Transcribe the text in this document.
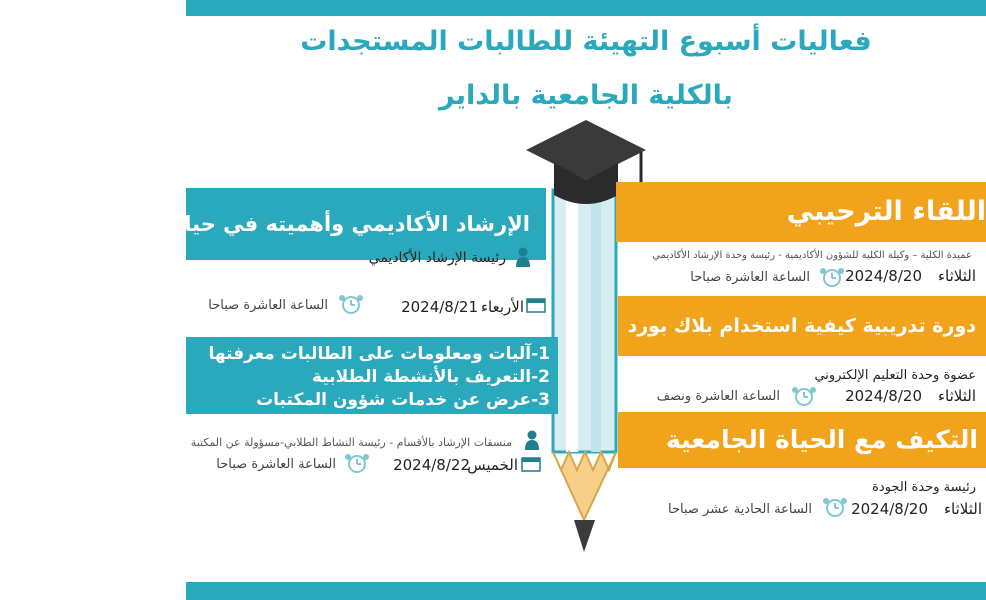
فعاليات أسبوع التهيئة للطالبات المستجدات
بالكلية الجامعية بالداير
الإرشاد الأكاديمي وأهميته في حياة الطالبة الجامعية
رئيسة الإرشاد الأكاديمي
الأربعاء
2024/8/21
الساعة العاشرة صباحا
1-آليات ومعلومات على الطالبات معرفتها
2-التعريف بالأنشطة الطلابية
3-عرض عن خدمات شؤون المكتبات
منسقات الإرشاد بالأقسام - رئيسة النشاط الطلابي-مسؤولة عن المكتبة
الخميس
2024/8/22
الساعة العاشرة صباحا
اللقاء الترحيبي
عميدة الكلية – وكيلة الكلية للشؤون الأكاديمية - رئيسة وحدة الإرشاد الأكاديمي
الثلاثاء
2024/8/20
الساعة العاشرة صباحا
دورة تدريبية كيفية استخدام بلاك بورد
عضوة وحدة التعليم الإلكتروني
الثلاثاء
2024/8/20
الساعة العاشرة ونصف
التكيف مع الحياة الجامعية
رئيسة وحدة الجودة
الثلاثاء
2024/8/20
الساعة الحادية عشر صباحا
